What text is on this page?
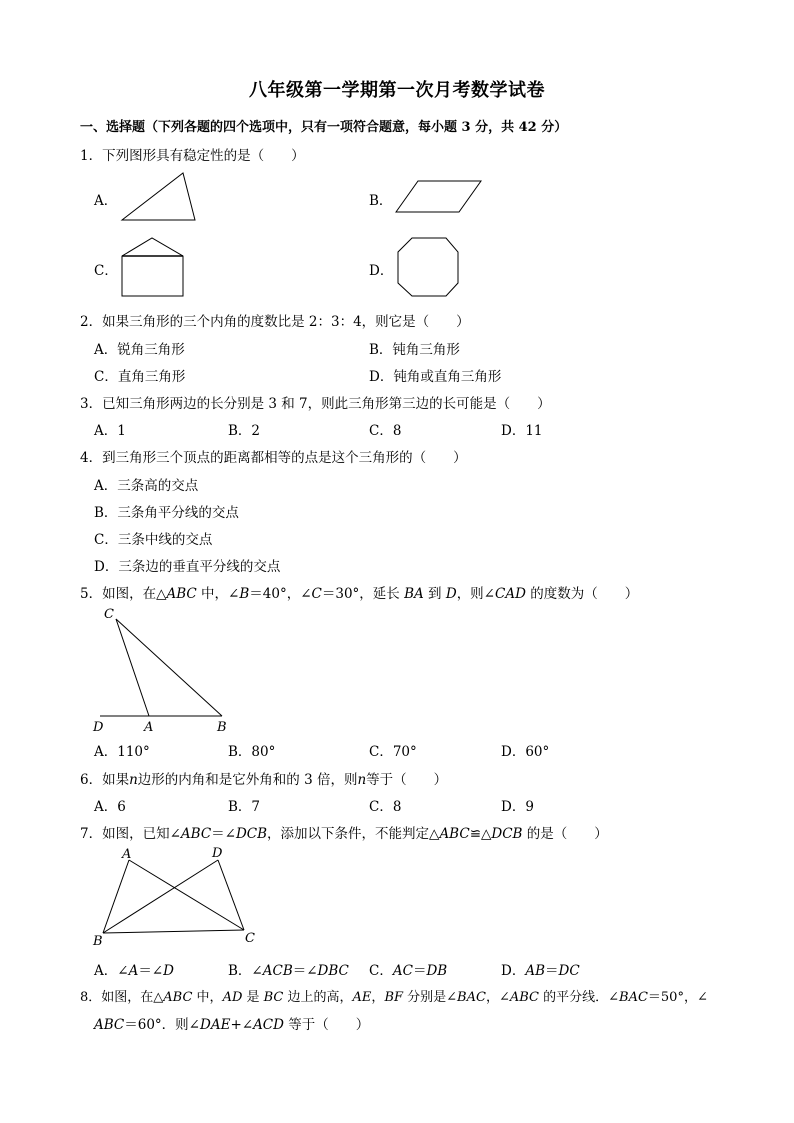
八年级第一学期第一次月考数学试卷
一、选择题（下列各题的四个选项中，只有一项符合题意，每小题 3 分，共 42 分）
1．下列图形具有稳定性的是（　　）
A．	B．
C．	D．
2．如果三角形的三个内角的度数比是 2：3：4，则它是（　　）
A．锐角三角形	B．钝角三角形
C．直角三角形	D．钝角或直角三角形
3．已知三角形两边的长分别是 3 和 7，则此三角形第三边的长可能是（　　）
A．1	B．2	C．8	D．11
4．到三角形三个顶点的距离都相等的点是这个三角形的（　　）
A．三条高的交点
B．三条角平分线的交点
C．三条中线的交点
D．三条边的垂直平分线的交点
5．如图，在△ABC 中，∠B＝40°，∠C＝30°，延长 BA 到 D，则∠CAD 的度数为（　　）
C
D	A	B
A．110°	B．80°	C．70°	D．60°
6．如果n边形的内角和是它外角和的 3 倍，则n等于（　　）
A．6	B．7	C．8	D．9
7．如图，已知∠ABC＝∠DCB，添加以下条件，不能判定△ABC≌△DCB 的是（　　）
A	D
B	C
A．∠A＝∠D	B．∠ACB＝∠DBC C．AC＝DB	D．AB＝DC
8．如图，在△ABC 中，AD 是 BC 边上的高，AE，BF 分别是∠BAC，∠ABC 的平分线．∠BAC＝50°，∠
ABC＝60°．则∠DAE+∠ACD 等于（　　）
